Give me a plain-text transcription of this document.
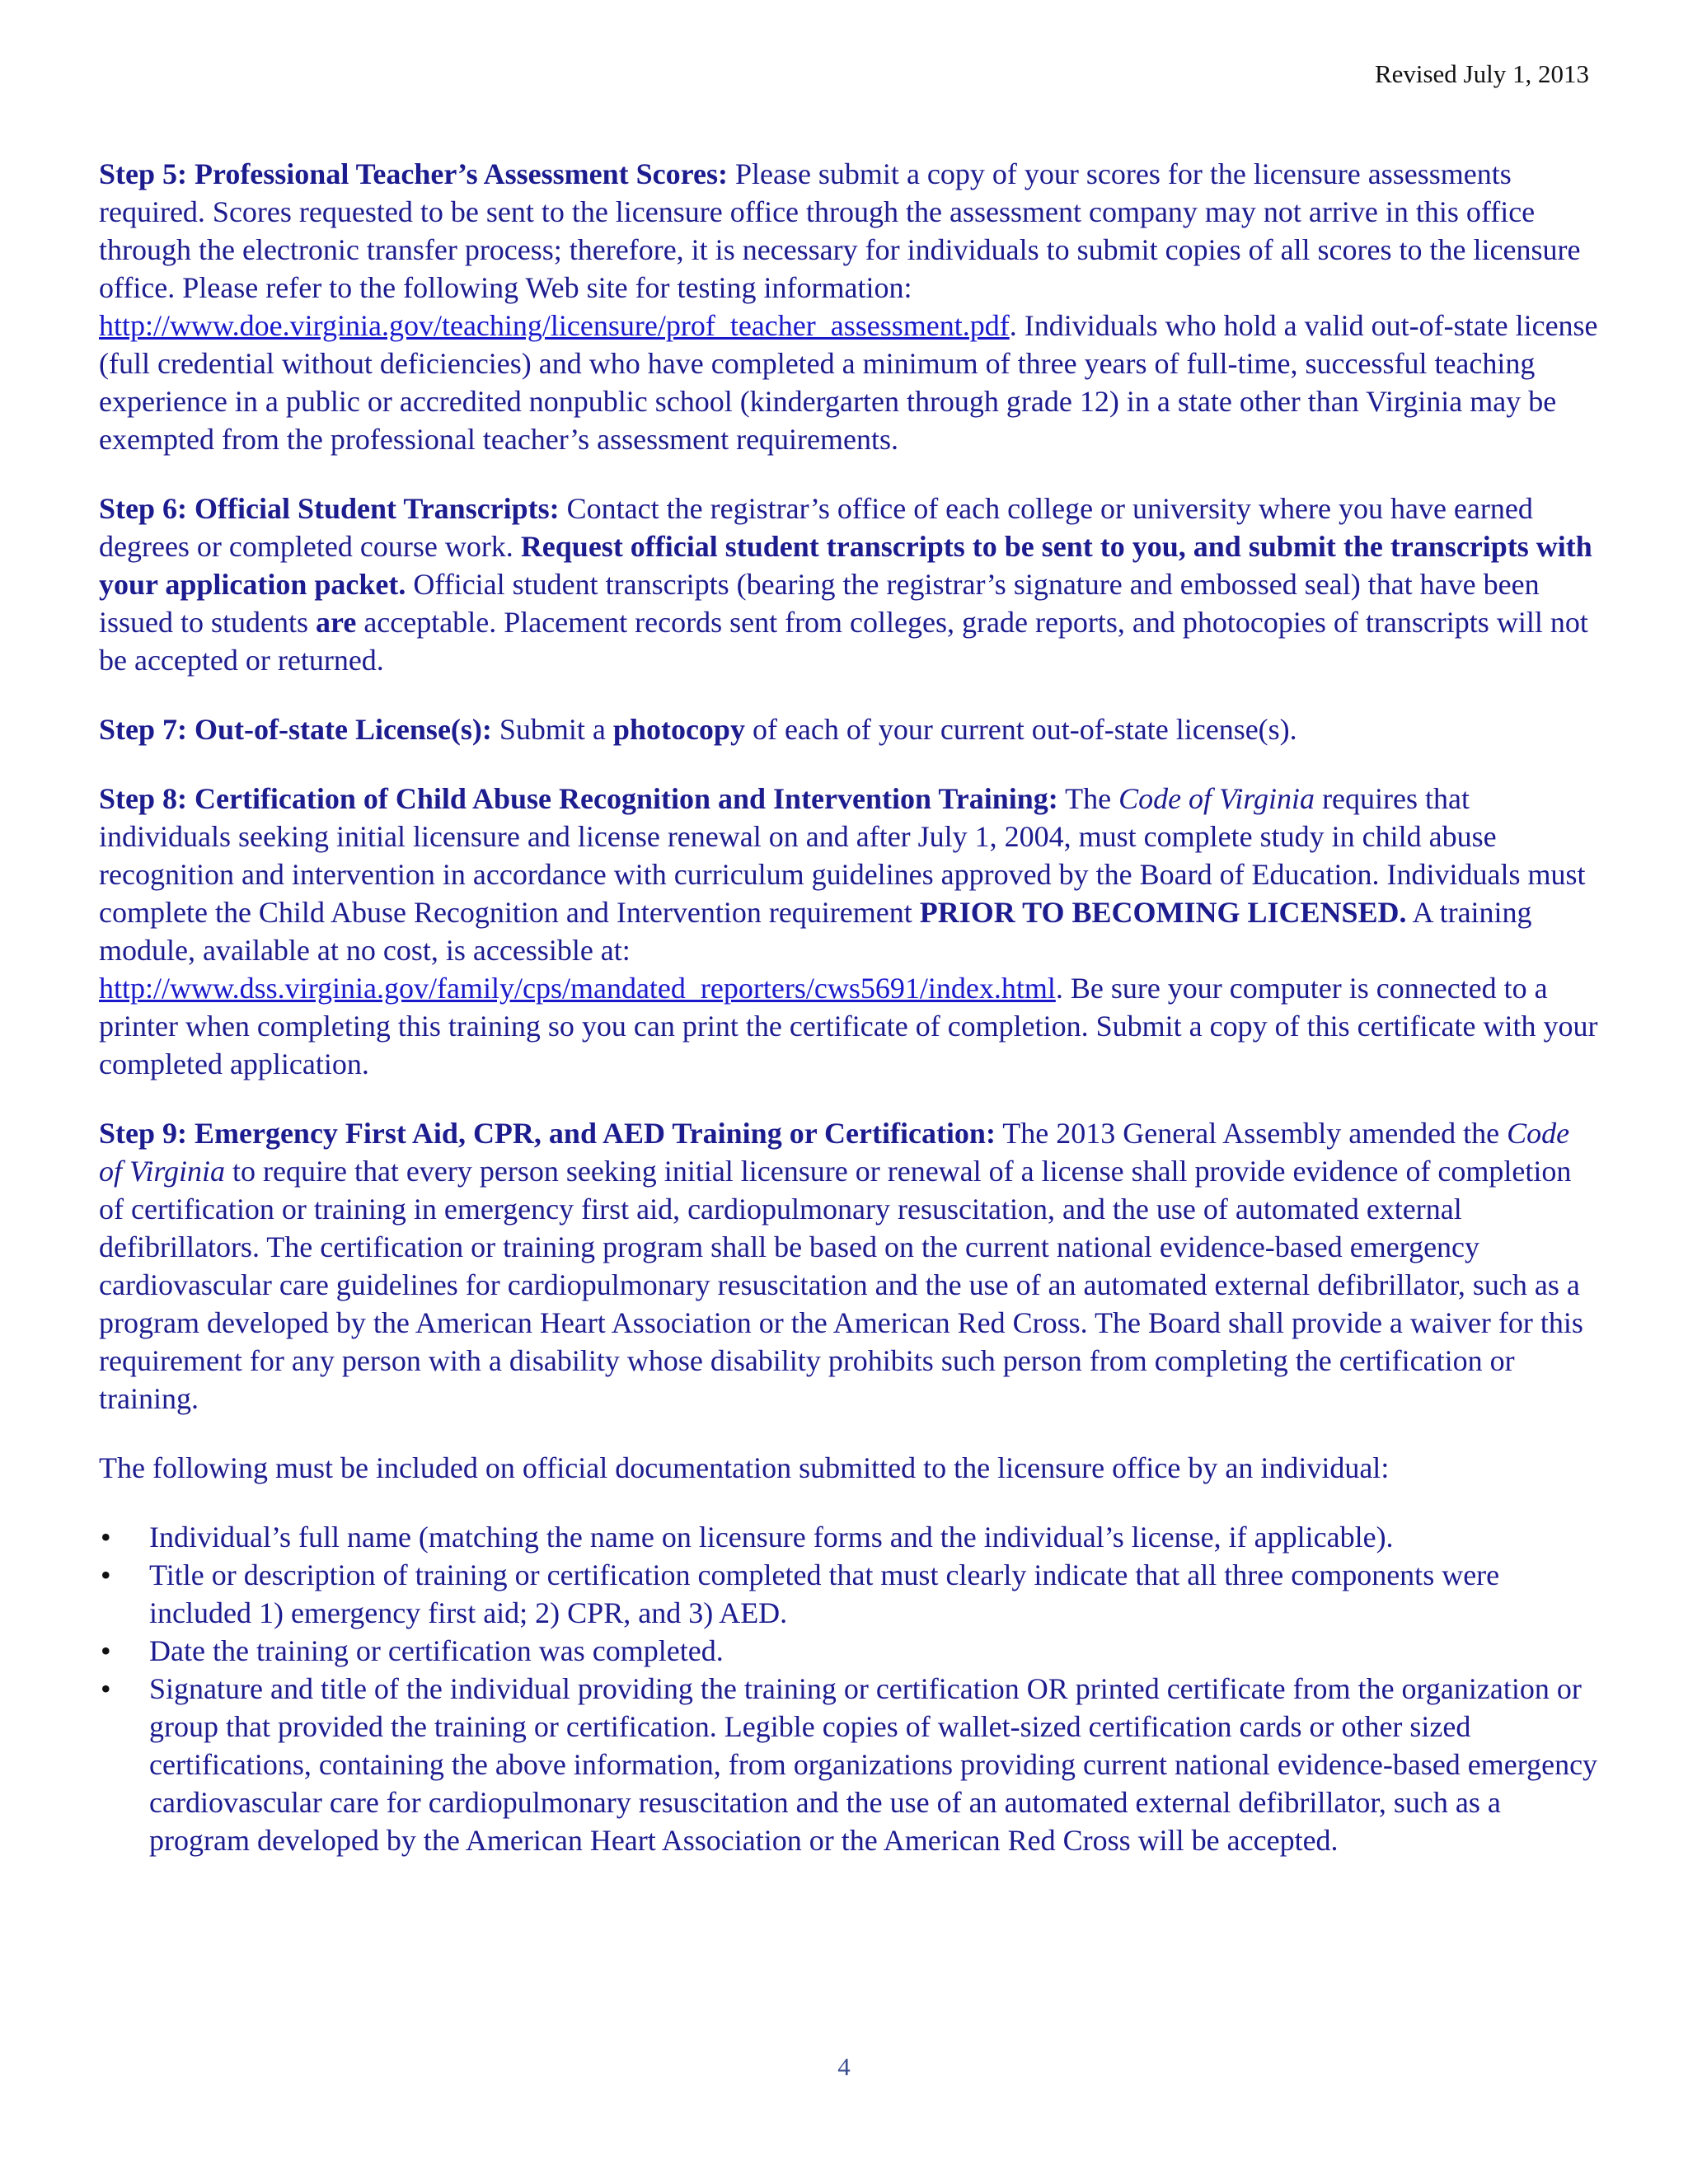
Revised July 1, 2013

Step 5: Professional Teacher’s Assessment Scores: Please submit a copy of your scores for the licensure assessments required. Scores requested to be sent to the licensure office through the assessment company may not arrive in this office through the electronic transfer process; therefore, it is necessary for individuals to submit copies of all scores to the licensure office. Please refer to the following Web site for testing information: http://www.doe.virginia.gov/teaching/licensure/prof_teacher_assessment.pdf. Individuals who hold a valid out-of-state license (full credential without deficiencies) and who have completed a minimum of three years of full-time, successful teaching experience in a public or accredited nonpublic school (kindergarten through grade 12) in a state other than Virginia may be exempted from the professional teacher’s assessment requirements.

Step 6: Official Student Transcripts: Contact the registrar’s office of each college or university where you have earned degrees or completed course work. Request official student transcripts to be sent to you, and submit the transcripts with your application packet. Official student transcripts (bearing the registrar’s signature and embossed seal) that have been issued to students are acceptable. Placement records sent from colleges, grade reports, and photocopies of transcripts will not be accepted or returned.

Step 7: Out-of-state License(s): Submit a photocopy of each of your current out-of-state license(s).

Step 8: Certification of Child Abuse Recognition and Intervention Training: The Code of Virginia requires that individuals seeking initial licensure and license renewal on and after July 1, 2004, must complete study in child abuse recognition and intervention in accordance with curriculum guidelines approved by the Board of Education. Individuals must complete the Child Abuse Recognition and Intervention requirement PRIOR TO BECOMING LICENSED. A training module, available at no cost, is accessible at: http://www.dss.virginia.gov/family/cps/mandated_reporters/cws5691/index.html. Be sure your computer is connected to a printer when completing this training so you can print the certificate of completion. Submit a copy of this certificate with your completed application.

Step 9: Emergency First Aid, CPR, and AED Training or Certification: The 2013 General Assembly amended the Code of Virginia to require that every person seeking initial licensure or renewal of a license shall provide evidence of completion of certification or training in emergency first aid, cardiopulmonary resuscitation, and the use of automated external defibrillators. The certification or training program shall be based on the current national evidence-based emergency cardiovascular care guidelines for cardiopulmonary resuscitation and the use of an automated external defibrillator, such as a program developed by the American Heart Association or the American Red Cross. The Board shall provide a waiver for this requirement for any person with a disability whose disability prohibits such person from completing the certification or training.

The following must be included on official documentation submitted to the licensure office by an individual:

• Individual’s full name (matching the name on licensure forms and the individual’s license, if applicable).
• Title or description of training or certification completed that must clearly indicate that all three components were included 1) emergency first aid; 2) CPR, and 3) AED.
• Date the training or certification was completed.
• Signature and title of the individual providing the training or certification OR printed certificate from the organization or group that provided the training or certification. Legible copies of wallet-sized certification cards or other sized certifications, containing the above information, from organizations providing current national evidence-based emergency cardiovascular care for cardiopulmonary resuscitation and the use of an automated external defibrillator, such as a program developed by the American Heart Association or the American Red Cross will be accepted.
4
